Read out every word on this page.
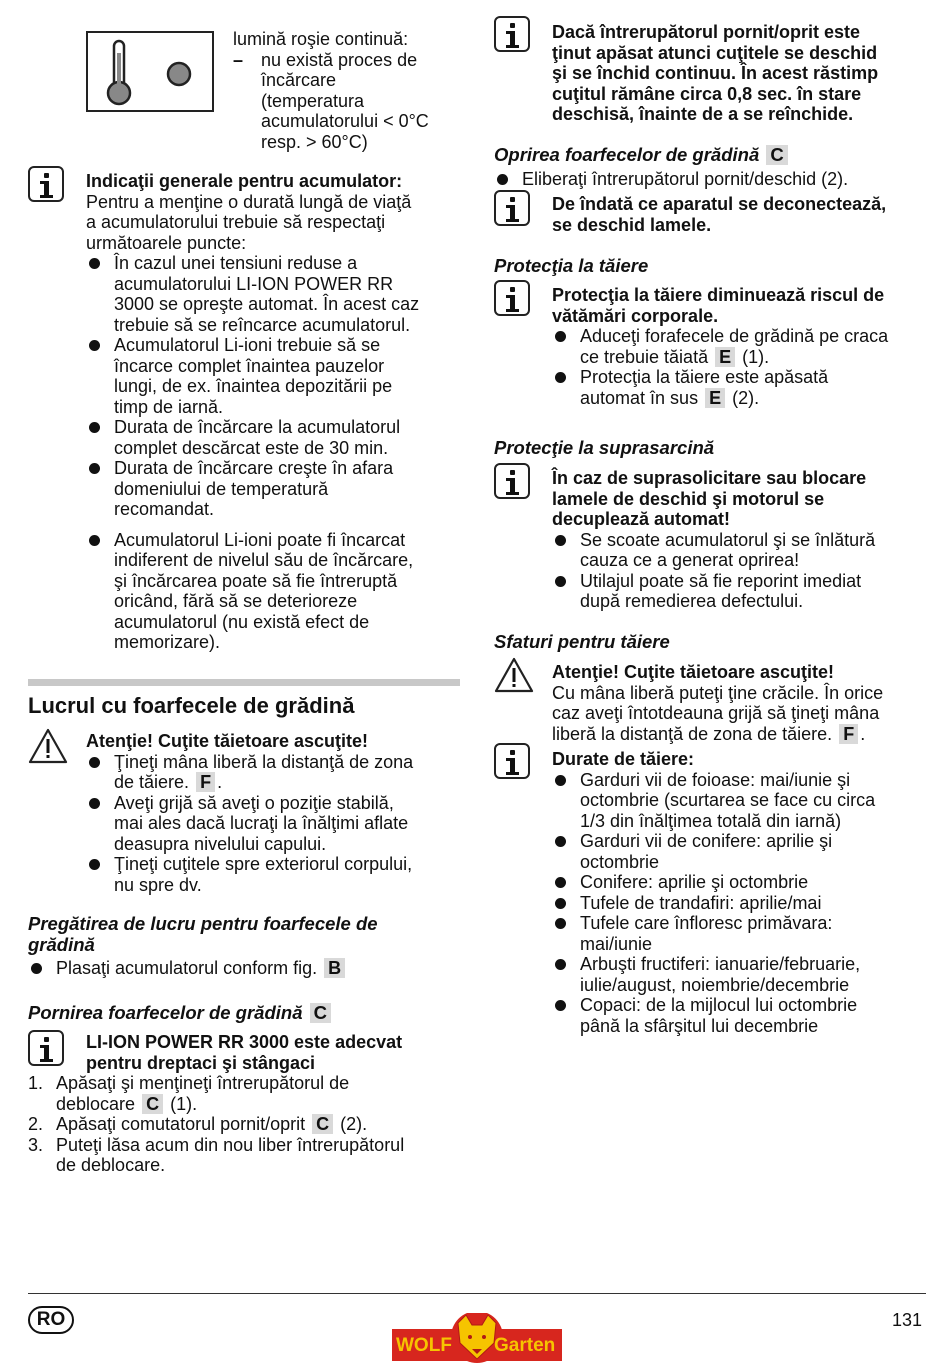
lumină roşie continuă:

– nu există proces de

încărcare

(temperatura

acumulatorului < 0°C

resp. > 60°C)

Indicaţii generale pentru acumulator:

Pentru a menţine o durată lungă de viaţă

a acumulatorului trebuie să respectaţi

următoarele puncte:

În cazul unei tensiuni reduse a

acumulatorului LI-ION POWER RR

3000 se opreşte automat. În acest caz

trebuie să se reîncarce acumulatorul.

Acumulatorul Li-ioni trebuie să se

încarce complet înaintea pauzelor

lungi, de ex. înaintea depozitării pe

timp de iarnă.

Durata de încărcare la acumulatorul

complet descărcat este de 30 min.

Durata de încărcare creşte în afara

domeniului de temperatură

recomandat.

Acumulatorul Li-ioni poate fi încarcat

indiferent de nivelul său de încărcare,

şi încărcarea poate să fie întreruptă

oricând, fără să se deterioreze

acumulatorul (nu există efect de

memorizare).

Lucrul cu foarfecele de grădină

Atenţie! Cuţite tăietoare ascuţite!

Ţineţi mâna liberă la distanţă de zona

de tăiere. F .

Aveţi grijă să aveţi o poziţie stabilă,

mai ales dacă lucraţi la înălţimi aflate

deasupra nivelului capului.

Ţineţi cuţitele spre exteriorul corpului,

nu spre dv.

Pregătirea de lucru pentru foarfecele de

grădină

Plasaţi acumulatorul conform fig. B

Pornirea foarfecelor de grădină C

LI-ION POWER RR 3000 este adecvat

pentru dreptaci şi stângaci

1. Apăsaţi şi menţineţi întrerupătorul de

deblocare C (1).

2. Apăsaţi comutatorul pornit/oprit C (2).

3. Puteţi lăsa acum din nou liber întrerupătorul

de deblocare.

Dacă întrerupătorul pornit/oprit este

ţinut apăsat atunci cuţitele se deschid

şi se închid continuu. În acest răstimp

cuţitul rămâne circa 0,8 sec. în stare

deschisă, înainte de a se reînchide.

Oprirea foarfecelor de grădină C

Eliberaţi întrerupătorul pornit/deschid (2).

De îndată ce aparatul se deconectează,

se deschid lamele.

Protecţia la tăiere

Protecţia la tăiere diminuează riscul de

vătămări corporale.

Aduceţi forafecele de grădină pe craca

ce trebuie tăiată E (1).

Protecţia la tăiere este apăsată

automat în sus E (2).

Protecţie la suprasarcină

În caz de suprasolicitare sau blocare

lamele de deschid şi motorul se

decuplează automat!

Se scoate acumulatorul şi se înlătură

cauza ce a generat oprirea!

Utilajul poate să fie reporint imediat

după remedierea defectului.

Sfaturi pentru tăiere

Atenţie! Cuţite tăietoare ascuţite!

Cu mâna liberă puteţi ţine crăcile. În orice

caz aveţi întotdeauna grijă să ţineţi mâna

liberă la distanţă de zona de tăiere. F .

Durate de tăiere:

Garduri vii de foioase: mai/iunie şi

octombrie (scurtarea se face cu circa

1/3 din înălţimea totală din iarnă)

Garduri vii de conifere: aprilie şi

octombrie

Conifere: aprilie şi octombrie

Tufele de trandafiri: aprilie/mai

Tufele care înfloresc primăvara:

mai/iunie

Arbuşti fructiferi: ianuarie/februarie,

iulie/august, noiembrie/decembrie

Copaci: de la mijlocul lui octombrie

până la sfârşitul lui decembrie

RO	131
WOLF Garten
